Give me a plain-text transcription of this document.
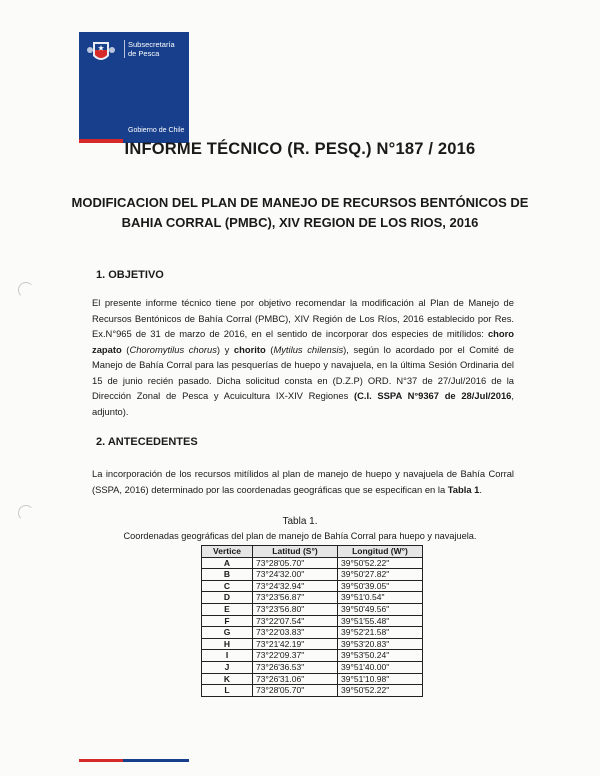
Subsecretaría
de Pesca
Gobierno de Chile
INFORME TÉCNICO (R. PESQ.) N°187 / 2016
MODIFICACION DEL PLAN DE MANEJO DE RECURSOS BENTÓNICOS DE BAHIA CORRAL (PMBC), XIV REGION DE LOS RIOS, 2016
1. OBJETIVO
El presente informe técnico tiene por objetivo recomendar la modificación al Plan de Manejo de Recursos Bentónicos de Bahía Corral (PMBC), XIV Región de Los Ríos, 2016 establecido por Res. Ex.N°965 de 31 de marzo de 2016, en el sentido de incorporar dos especies de mitílidos: choro zapato (Choromytilus chorus) y chorito (Mytilus chilensis), según lo acordado por el Comité de Manejo de Bahía Corral para las pesquerías de huepo y navajuela, en la última Sesión Ordinaria del 15 de junio recién pasado. Dicha solicitud consta en (D.Z.P) ORD. N°37 de 27/Jul/2016 de la Dirección Zonal de Pesca y Acuicultura IX-XIV Regiones (C.I. SSPA N°9367 de 28/Jul/2016, adjunto).
2. ANTECEDENTES
La incorporación de los recursos mitílidos al plan de manejo de huepo y navajuela de Bahía Corral (SSPA, 2016) determinado por las coordenadas geográficas que se especifican en la Tabla 1.
Tabla 1.
Coordenadas geográficas del plan de manejo de Bahía Corral para huepo y navajuela.
Vertice	Latitud (S°)	Longitud (W°)
A	73°28'05.70"	39°50'52.22"
B	73°24'32.00"	39°50'27.82"
C	73°24'32.94"	39°50'39.05"
D	73°23'56.87"	39°51'0.54"
E	73°23'56.80"	39°50'49.56"
F	73°22'07.54"	39°51'55.48"
G	73°22'03.83"	39°52'21.58"
H	73°21'42.19"	39°53'20.83"
I	73°22'09.37"	39°53'50.24"
J	73°26'36.53"	39°51'40.00"
K	73°26'31.06"	39°51'10.98"
L	73°28'05.70"	39°50'52.22"
